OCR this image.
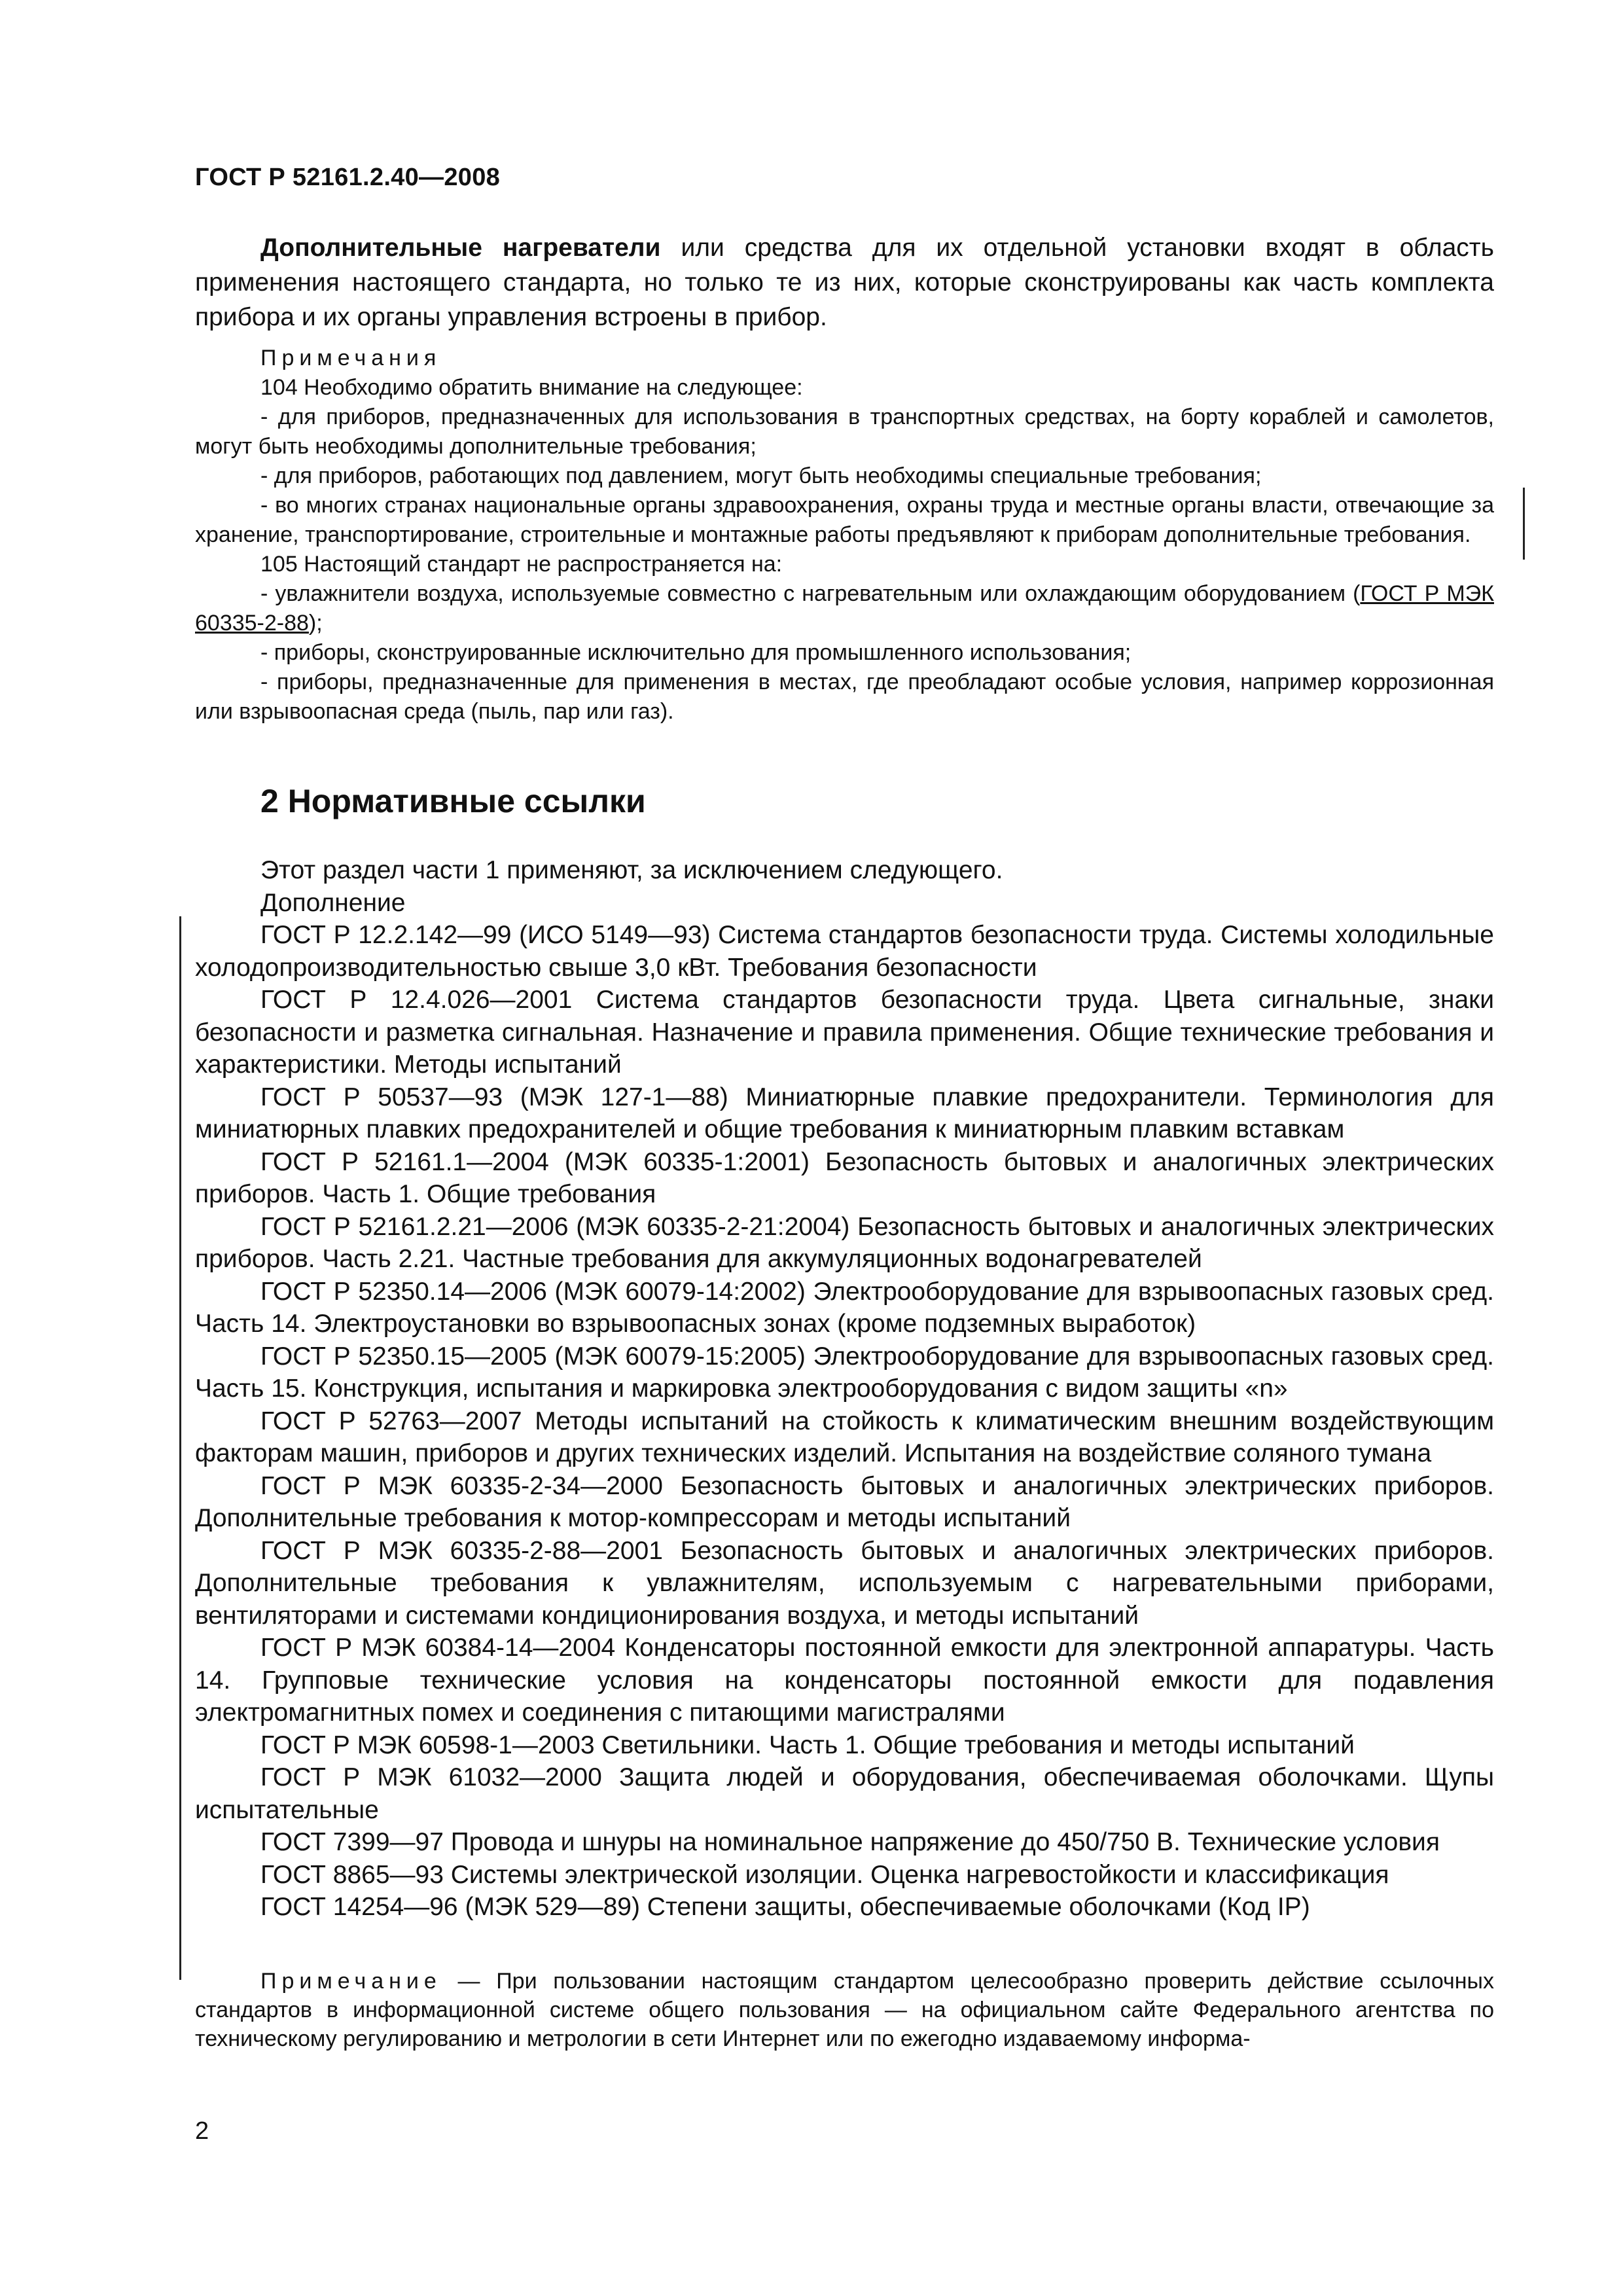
ГОСТ Р 52161.2.40—2008

Дополнительные нагреватели или средства для их отдельной установки входят в область применения настоящего стандарта, но только те из них, которые сконструированы как часть комплекта прибора и их органы управления встроены в прибор.

Примечания

104 Необходимо обратить внимание на следующее:

- для приборов, предназначенных для использования в транспортных средствах, на борту кораблей и самолетов, могут быть необходимы дополнительные требования;

- для приборов, работающих под давлением, могут быть необходимы специальные требования;

- во многих странах национальные органы здравоохранения, охраны труда и местные органы власти, отвечающие за хранение, транспортирование, строительные и монтажные работы предъявляют к приборам дополнительные требования.

105 Настоящий стандарт не распространяется на:

- увлажнители воздуха, используемые совместно с нагревательным или охлаждающим оборудованием (ГОСТ Р МЭК 60335-2-88);

- приборы, сконструированные исключительно для промышленного использования;

- приборы, предназначенные для применения в местах, где преобладают особые условия, например коррозионная или взрывоопасная среда (пыль, пар или газ).

2 Нормативные ссылки

Этот раздел части 1 применяют, за исключением следующего.

Дополнение

ГОСТ Р 12.2.142—99 (ИСО 5149—93) Система стандартов безопасности труда. Системы холодильные холодопроизводительностью свыше 3,0 кВт. Требования безопасности

ГОСТ Р 12.4.026—2001 Система стандартов безопасности труда. Цвета сигнальные, знаки безопасности и разметка сигнальная. Назначение и правила применения. Общие технические требования и характеристики. Методы испытаний

ГОСТ Р 50537—93 (МЭК 127-1—88) Миниатюрные плавкие предохранители. Терминология для миниатюрных плавких предохранителей и общие требования к миниатюрным плавким вставкам

ГОСТ Р 52161.1—2004 (МЭК 60335-1:2001) Безопасность бытовых и аналогичных электрических приборов. Часть 1. Общие требования

ГОСТ Р 52161.2.21—2006 (МЭК 60335-2-21:2004) Безопасность бытовых и аналогичных электрических приборов. Часть 2.21. Частные требования для аккумуляционных водонагревателей

ГОСТ Р 52350.14—2006 (МЭК 60079-14:2002) Электрооборудование для взрывоопасных газовых сред. Часть 14. Электроустановки во взрывоопасных зонах (кроме подземных выработок)

ГОСТ Р 52350.15—2005 (МЭК 60079-15:2005) Электрооборудование для взрывоопасных газовых сред. Часть 15. Конструкция, испытания и маркировка электрооборудования с видом защиты «n»

ГОСТ Р 52763—2007 Методы испытаний на стойкость к климатическим внешним воздействующим факторам машин, приборов и других технических изделий. Испытания на воздействие соляного тумана

ГОСТ Р МЭК 60335-2-34—2000 Безопасность бытовых и аналогичных электрических приборов. Дополнительные требования к мотор-компрессорам и методы испытаний

ГОСТ Р МЭК 60335-2-88—2001 Безопасность бытовых и аналогичных электрических приборов. Дополнительные требования к увлажнителям, используемым с нагревательными приборами, вентиляторами и системами кондиционирования воздуха, и методы испытаний

ГОСТ Р МЭК 60384-14—2004 Конденсаторы постоянной емкости для электронной аппаратуры. Часть 14. Групповые технические условия на конденсаторы постоянной емкости для подавления электромагнитных помех и соединения с питающими магистралями

ГОСТ Р МЭК 60598-1—2003 Светильники. Часть 1. Общие требования и методы испытаний

ГОСТ Р МЭК 61032—2000 Защита людей и оборудования, обеспечиваемая оболочками. Щупы испытательные

ГОСТ 7399—97 Провода и шнуры на номинальное напряжение до 450/750 В. Технические условия

ГОСТ 8865—93 Системы электрической изоляции. Оценка нагревостойкости и классификация

ГОСТ 14254—96 (МЭК 529—89) Степени защиты, обеспечиваемые оболочками (Код IP)

Примечание — При пользовании настоящим стандартом целесообразно проверить действие ссылочных стандартов в информационной системе общего пользования — на официальном сайте Федерального агентства по техническому регулированию и метрологии в сети Интернет или по ежегодно издаваемому информа-

2
